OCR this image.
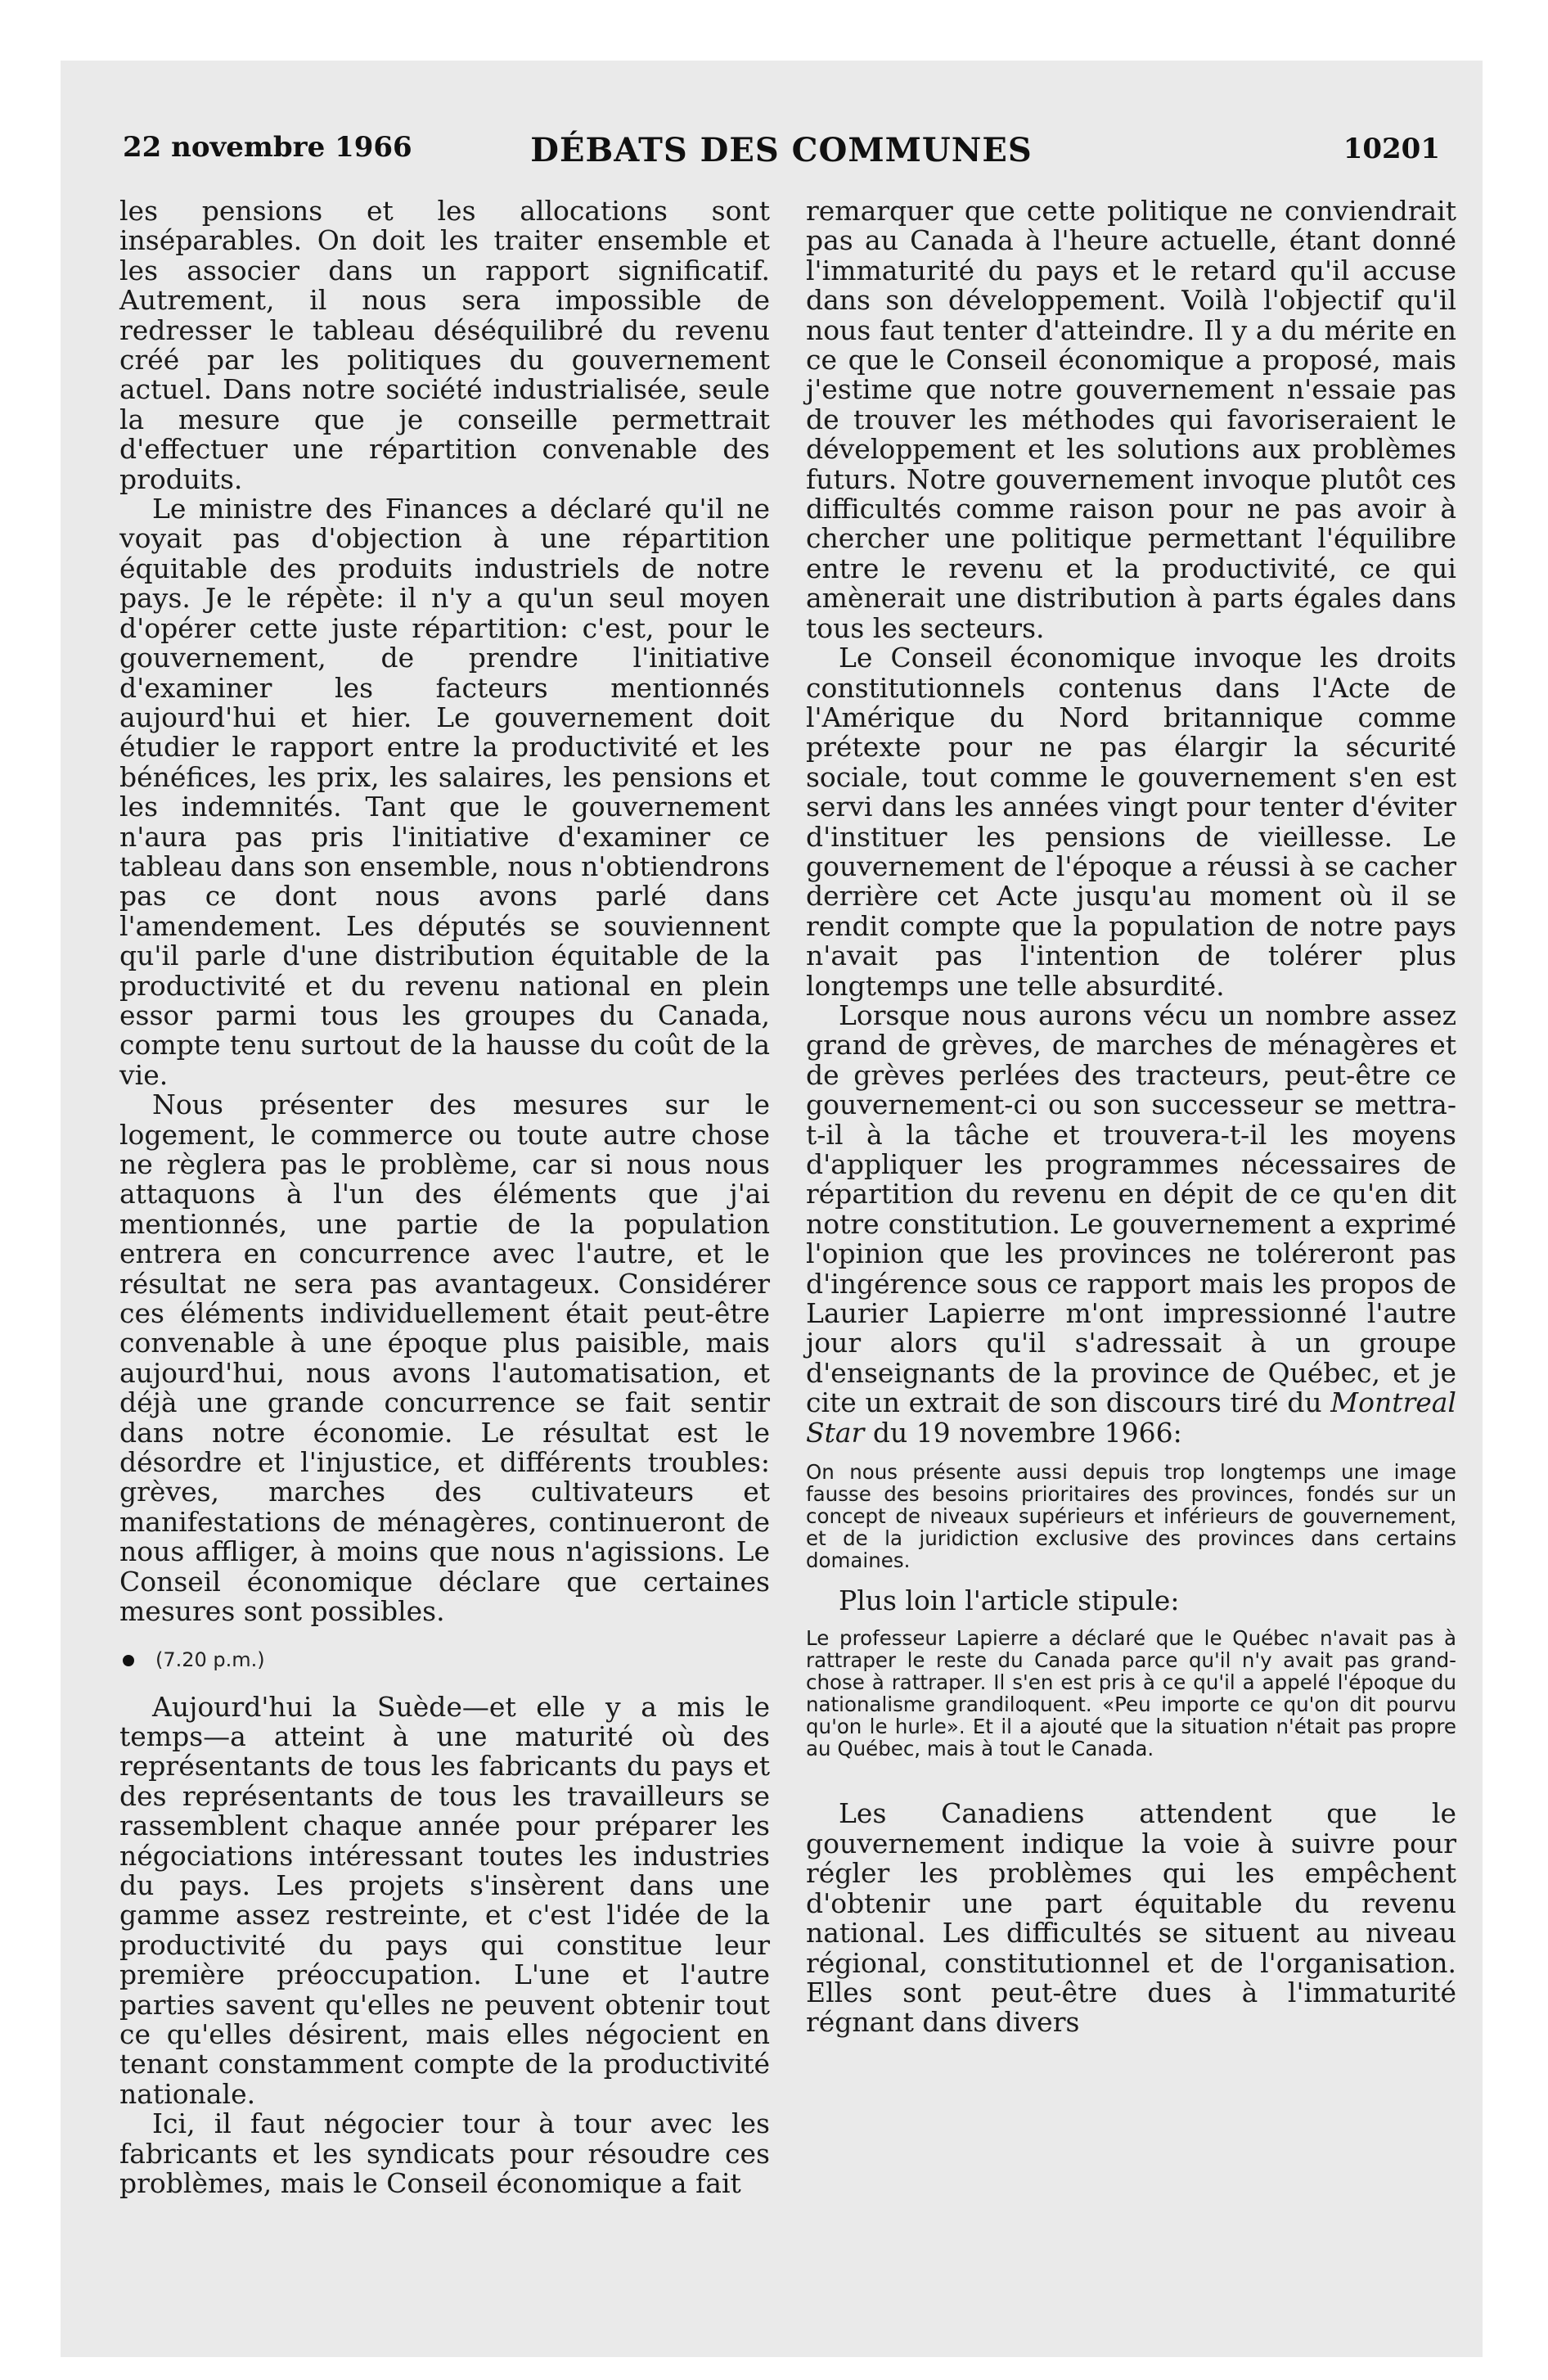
22 novembre 1966	DÉBATS DES COMMUNES	10201

les pensions et les allocations sont inséparables. On doit les traiter ensemble et les associer dans un rapport significatif. Autrement, il nous sera impossible de redresser le tableau déséquilibré du revenu créé par les politiques du gouvernement actuel. Dans notre société industrialisée, seule la mesure que je conseille permettrait d'effectuer une répartition convenable des produits.

Le ministre des Finances a déclaré qu'il ne voyait pas d'objection à une répartition équitable des produits industriels de notre pays. Je le répète: il n'y a qu'un seul moyen d'opérer cette juste répartition: c'est, pour le gouvernement, de prendre l'initiative d'examiner les facteurs mentionnés aujourd'hui et hier. Le gouvernement doit étudier le rapport entre la productivité et les bénéfices, les prix, les salaires, les pensions et les indemnités. Tant que le gouvernement n'aura pas pris l'initiative d'examiner ce tableau dans son ensemble, nous n'obtiendrons pas ce dont nous avons parlé dans l'amendement. Les députés se souviennent qu'il parle d'une distribution équitable de la productivité et du revenu national en plein essor parmi tous les groupes du Canada, compte tenu surtout de la hausse du coût de la vie.

Nous présenter des mesures sur le logement, le commerce ou toute autre chose ne règlera pas le problème, car si nous nous attaquons à l'un des éléments que j'ai mentionnés, une partie de la population entrera en concurrence avec l'autre, et le résultat ne sera pas avantageux. Considérer ces éléments individuellement était peut-être convenable à une époque plus paisible, mais aujourd'hui, nous avons l'automatisation, et déjà une grande concurrence se fait sentir dans notre économie. Le résultat est le désordre et l'injustice, et différents troubles: grèves, marches des cultivateurs et manifestations de ménagères, continueront de nous affliger, à moins que nous n'agissions. Le Conseil économique déclare que certaines mesures sont possibles.

(7.20 p.m.)

Aujourd'hui la Suède—et elle y a mis le temps—a atteint à une maturité où des représentants de tous les fabricants du pays et des représentants de tous les travailleurs se rassemblent chaque année pour préparer les négociations intéressant toutes les industries du pays. Les projets s'insèrent dans une gamme assez restreinte, et c'est l'idée de la productivité du pays qui constitue leur première préoccupation. L'une et l'autre parties savent qu'elles ne peuvent obtenir tout ce qu'elles désirent, mais elles négocient en tenant constamment compte de la productivité nationale.

Ici, il faut négocier tour à tour avec les fabricants et les syndicats pour résoudre ces problèmes, mais le Conseil économique a fait

remarquer que cette politique ne conviendrait pas au Canada à l'heure actuelle, étant donné l'immaturité du pays et le retard qu'il accuse dans son développement. Voilà l'objectif qu'il nous faut tenter d'atteindre. Il y a du mérite en ce que le Conseil économique a proposé, mais j'estime que notre gouvernement n'essaie pas de trouver les méthodes qui favoriseraient le développement et les solutions aux problèmes futurs. Notre gouvernement invoque plutôt ces difficultés comme raison pour ne pas avoir à chercher une politique permettant l'équilibre entre le revenu et la productivité, ce qui amènerait une distribution à parts égales dans tous les secteurs.

Le Conseil économique invoque les droits constitutionnels contenus dans l'Acte de l'Amérique du Nord britannique comme prétexte pour ne pas élargir la sécurité sociale, tout comme le gouvernement s'en est servi dans les années vingt pour tenter d'éviter d'instituer les pensions de vieillesse. Le gouvernement de l'époque a réussi à se cacher derrière cet Acte jusqu'au moment où il se rendit compte que la population de notre pays n'avait pas l'intention de tolérer plus longtemps une telle absurdité.

Lorsque nous aurons vécu un nombre assez grand de grèves, de marches de ménagères et de grèves perlées des tracteurs, peut-être ce gouvernement-ci ou son successeur se mettra-t-il à la tâche et trouvera-t-il les moyens d'appliquer les programmes nécessaires de répartition du revenu en dépit de ce qu'en dit notre constitution. Le gouvernement a exprimé l'opinion que les provinces ne toléreront pas d'ingérence sous ce rapport mais les propos de Laurier Lapierre m'ont impressionné l'autre jour alors qu'il s'adressait à un groupe d'enseignants de la province de Québec, et je cite un extrait de son discours tiré du Montreal Star du 19 novembre 1966:

On nous présente aussi depuis trop longtemps une image fausse des besoins prioritaires des provinces, fondés sur un concept de niveaux supérieurs et inférieurs de gouvernement, et de la juridiction exclusive des provinces dans certains domaines.

Plus loin l'article stipule:

Le professeur Lapierre a déclaré que le Québec n'avait pas à rattraper le reste du Canada parce qu'il n'y avait pas grand-chose à rattraper. Il s'en est pris à ce qu'il a appelé l'époque du nationalisme grandiloquent. «Peu importe ce qu'on dit pourvu qu'on le hurle». Et il a ajouté que la situation n'était pas propre au Québec, mais à tout le Canada.

Les Canadiens attendent que le gouvernement indique la voie à suivre pour régler les problèmes qui les empêchent d'obtenir une part équitable du revenu national. Les difficultés se situent au niveau régional, constitutionnel et de l'organisation. Elles sont peut-être dues à l'immaturité régnant dans divers
